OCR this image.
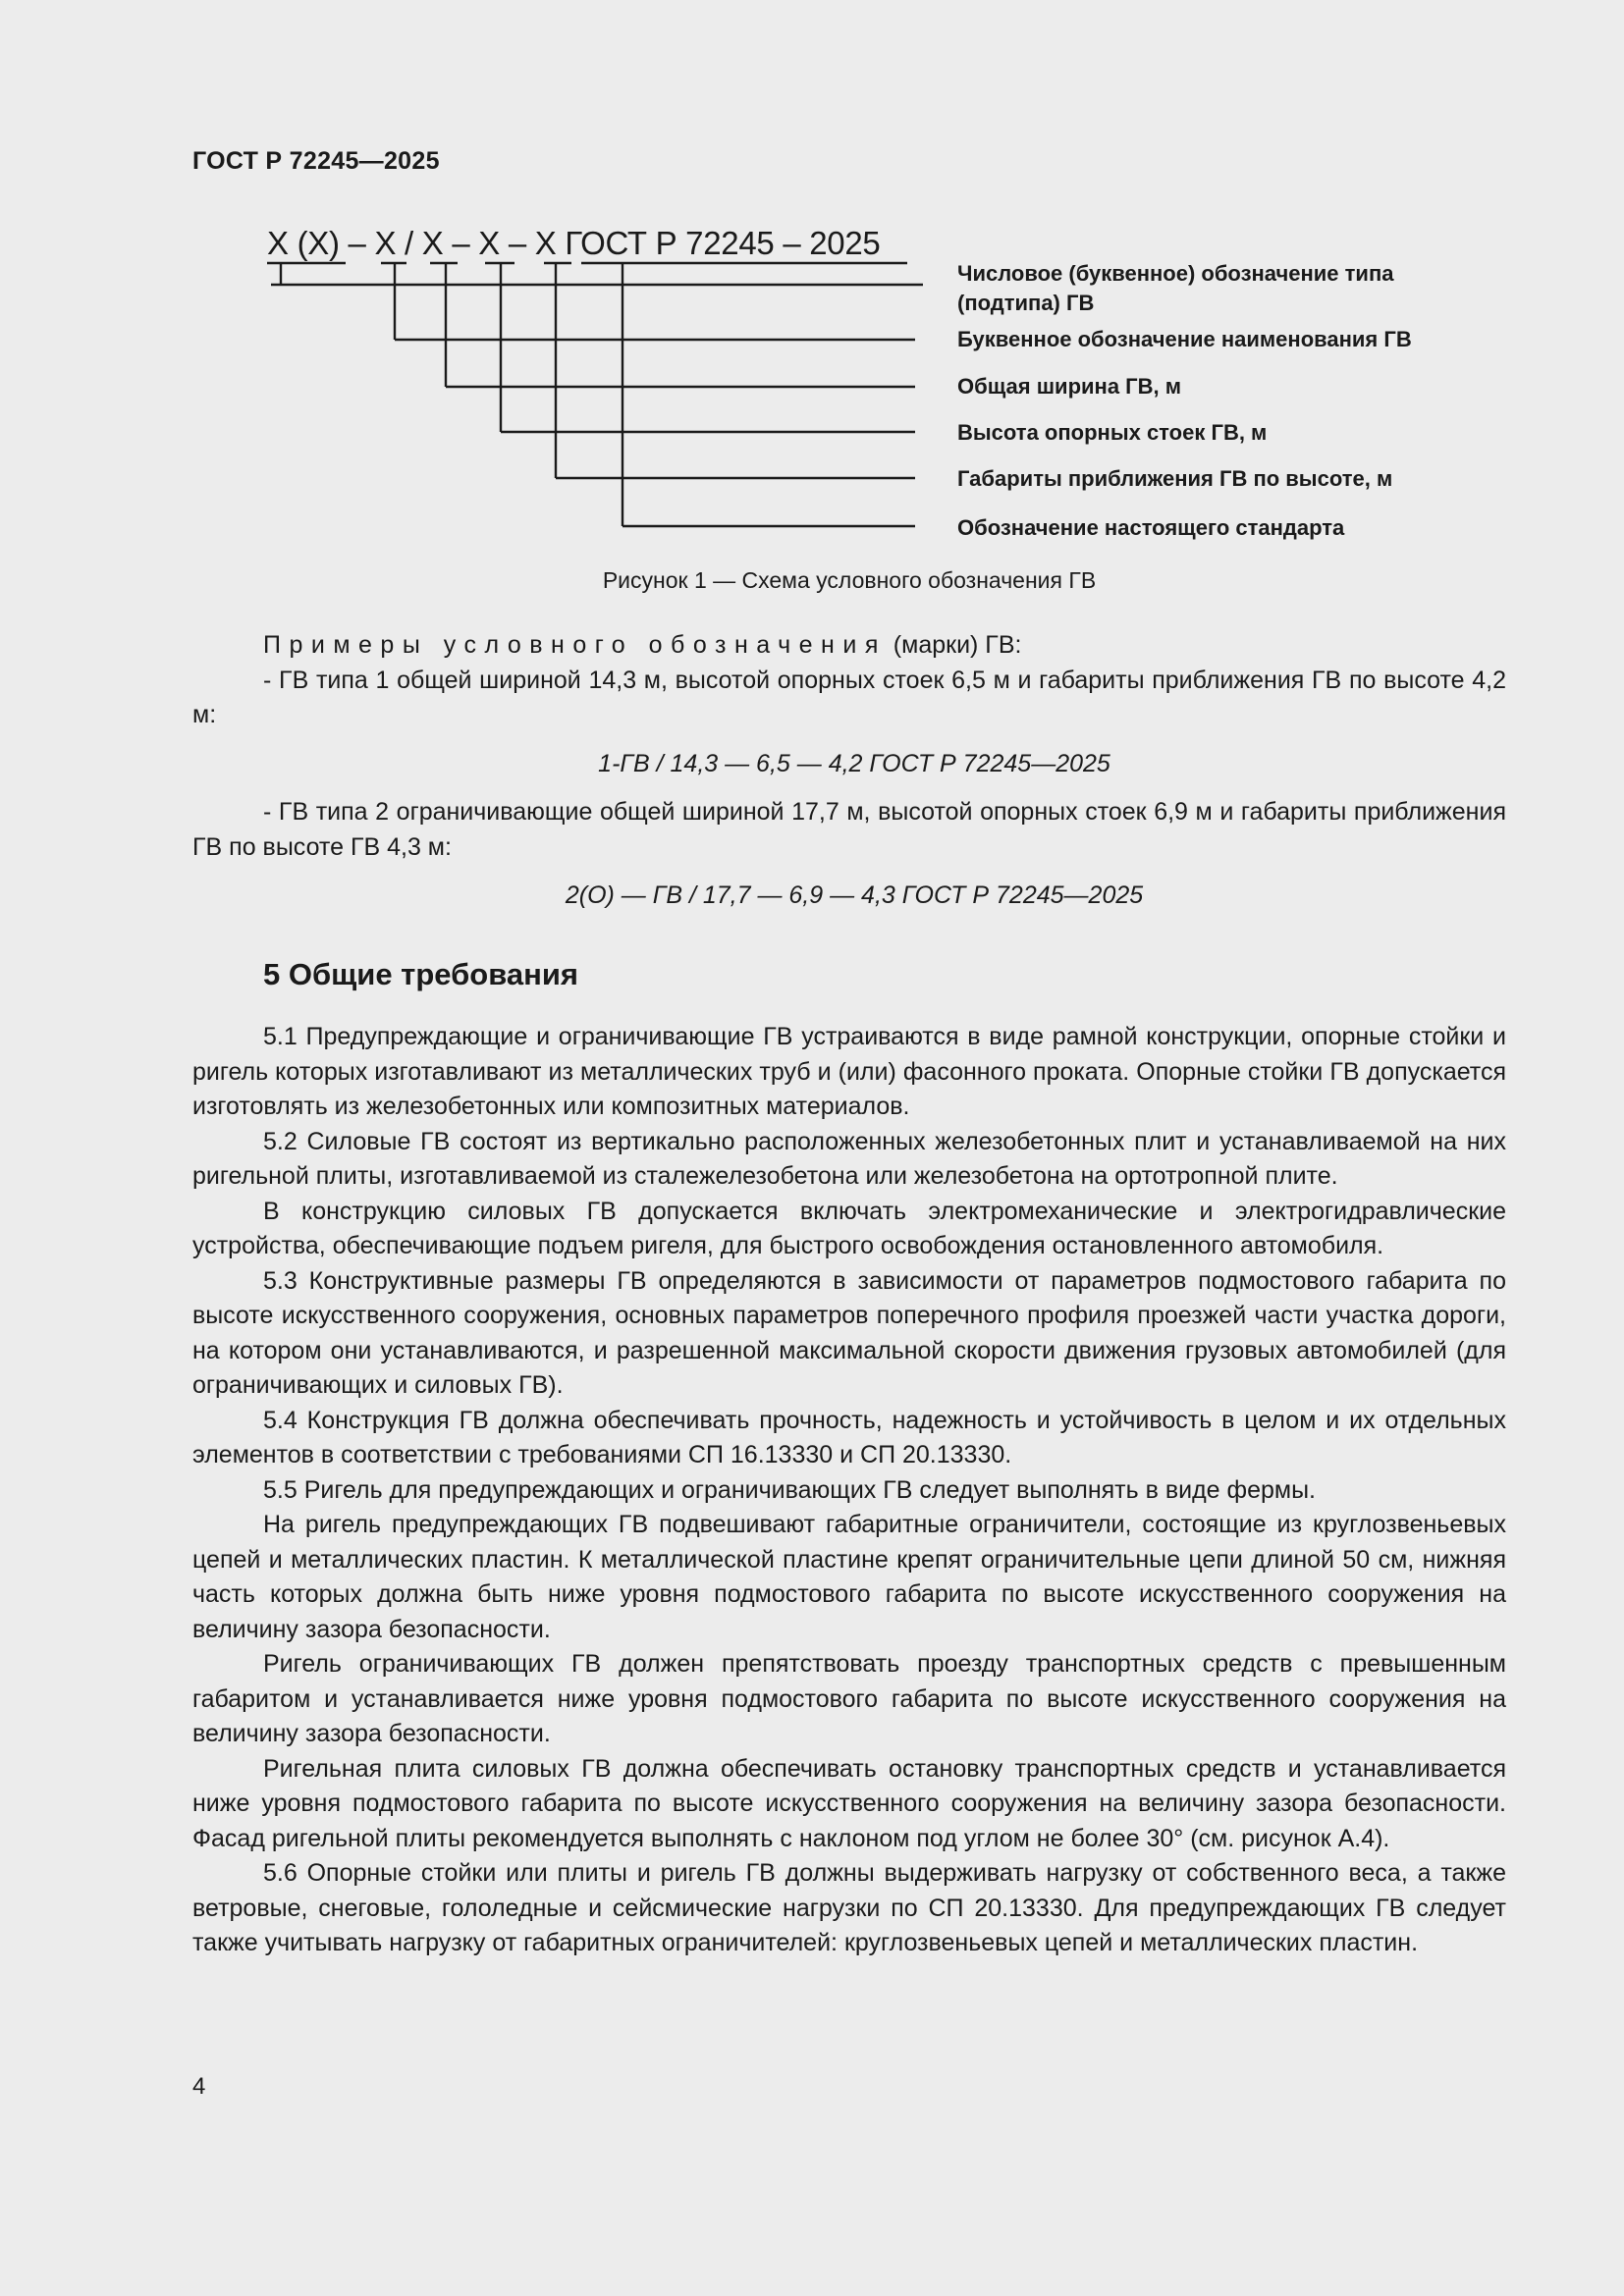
ГОСТ Р 72245—2025
X (X) – X / X – X – X ГОСТ Р 72245 – 2025
Числовое (буквенное) обозначение типа
(подтипа) ГВ
Буквенное обозначение наименования ГВ
Общая ширина ГВ, м
Высота опорных стоек ГВ, м
Габариты приближения ГВ по высоте, м
Обозначение настоящего стандарта
Рисунок 1 — Схема условного обозначения ГВ

Примеры условного обозначения (марки) ГВ:

- ГВ типа 1 общей шириной 14,3 м, высотой опорных стоек 6,5 м и габариты приближения ГВ по высоте 4,2 м:

1-ГВ / 14,3 — 6,5 — 4,2 ГОСТ Р 72245—2025

- ГВ типа 2 ограничивающие общей шириной 17,7 м, высотой опорных стоек 6,9 м и габариты приближения ГВ по высоте ГВ 4,3 м:

2(О) — ГВ / 17,7 — 6,9 — 4,3 ГОСТ Р 72245—2025

5 Общие требования

5.1 Предупреждающие и ограничивающие ГВ устраиваются в виде рамной конструкции, опорные стойки и ригель которых изготавливают из металлических труб и (или) фасонного проката. Опорные стойки ГВ допускается изготовлять из железобетонных или композитных материалов.

5.2 Силовые ГВ состоят из вертикально расположенных железобетонных плит и устанавливаемой на них ригельной плиты, изготавливаемой из сталежелезобетона или железобетона на ортотропной плите.

В конструкцию силовых ГВ допускается включать электромеханические и электрогидравлические устройства, обеспечивающие подъем ригеля, для быстрого освобождения остановленного автомобиля.

5.3 Конструктивные размеры ГВ определяются в зависимости от параметров подмостового габарита по высоте искусственного сооружения, основных параметров поперечного профиля проезжей части участка дороги, на котором они устанавливаются, и разрешенной максимальной скорости движения грузовых автомобилей (для ограничивающих и силовых ГВ).

5.4 Конструкция ГВ должна обеспечивать прочность, надежность и устойчивость в целом и их отдельных элементов в соответствии с требованиями СП 16.13330 и СП 20.13330.

5.5 Ригель для предупреждающих и ограничивающих ГВ следует выполнять в виде фермы.

На ригель предупреждающих ГВ подвешивают габаритные ограничители, состоящие из круглозвеньевых цепей и металлических пластин. К металлической пластине крепят ограничительные цепи длиной 50 см, нижняя часть которых должна быть ниже уровня подмостового габарита по высоте искусственного сооружения на величину зазора безопасности.

Ригель ограничивающих ГВ должен препятствовать проезду транспортных средств с превышенным габаритом и устанавливается ниже уровня подмостового габарита по высоте искусственного сооружения на величину зазора безопасности.

Ригельная плита силовых ГВ должна обеспечивать остановку транспортных средств и устанавливается ниже уровня подмостового габарита по высоте искусственного сооружения на величину зазора безопасности. Фасад ригельной плиты рекомендуется выполнять с наклоном под углом не более 30° (см. рисунок А.4).

5.6 Опорные стойки или плиты и ригель ГВ должны выдерживать нагрузку от собственного веса, а также ветровые, снеговые, гололедные и сейсмические нагрузки по СП 20.13330. Для предупреждающих ГВ следует также учитывать нагрузку от габаритных ограничителей: круглозвеньевых цепей и металлических пластин.

4
